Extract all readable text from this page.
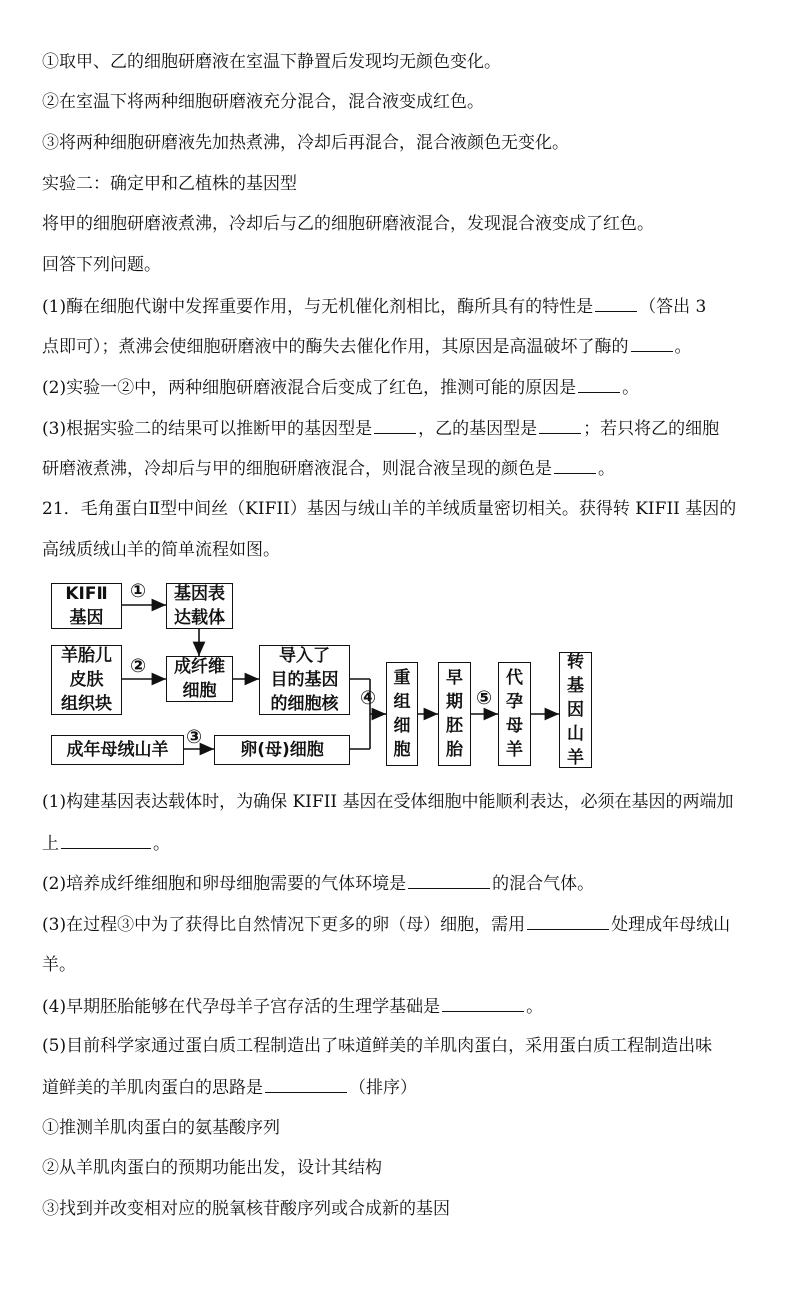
①取甲、乙的细胞研磨液在室温下静置后发现均无颜色变化。
②在室温下将两种细胞研磨液充分混合，混合液变成红色。
③将两种细胞研磨液先加热煮沸，冷却后再混合，混合液颜色无变化。
实验二：确定甲和乙植株的基因型
将甲的细胞研磨液煮沸，冷却后与乙的细胞研磨液混合，发现混合液变成了红色。
回答下列问题。
(1)酶在细胞代谢中发挥重要作用，与无机催化剂相比，酶所具有的特性是	（答出 3
点即可）；煮沸会使细胞研磨液中的酶失去催化作用，其原因是高温破坏了酶的	。
(2)实验一②中，两种细胞研磨液混合后变成了红色，推测可能的原因是	。
(3)根据实验二的结果可以推断甲的基因型是	，乙的基因型是	；若只将乙的细胞
研磨液煮沸，冷却后与甲的细胞研磨液混合，则混合液呈现的颜色是	。
21．毛角蛋白Ⅱ型中间丝（KIFII）基因与绒山羊的羊绒质量密切相关。获得转 KIFII 基因的
高绒质绒山羊的简单流程如图。
KIFⅡ
基因
① 基因表
达载体
羊胎儿
皮肤
组织块
② 成纤维
细胞
导入了
目的基因
的细胞核
成年母绒山羊
③
卵(母)细胞
④
重
组
细
胞
早
期
胚
胎
⑤
代
孕
母
羊
转
基
因
山
羊
(1)构建基因表达载体时，为确保 KIFII 基因在受体细胞中能顺利表达，必须在基因的两端加
上	。
(2)培养成纤维细胞和卵母细胞需要的气体环境是	的混合气体。
(3)在过程③中为了获得比自然情况下更多的卵（母）细胞，需用	处理成年母绒山
羊。
(4)早期胚胎能够在代孕母羊子宫存活的生理学基础是	。
(5)目前科学家通过蛋白质工程制造出了味道鲜美的羊肌肉蛋白，采用蛋白质工程制造出味
道鲜美的羊肌肉蛋白的思路是	（排序）
①推测羊肌肉蛋白的氨基酸序列
②从羊肌肉蛋白的预期功能出发，设计其结构
③找到并改变相对应的脱氧核苷酸序列或合成新的基因
